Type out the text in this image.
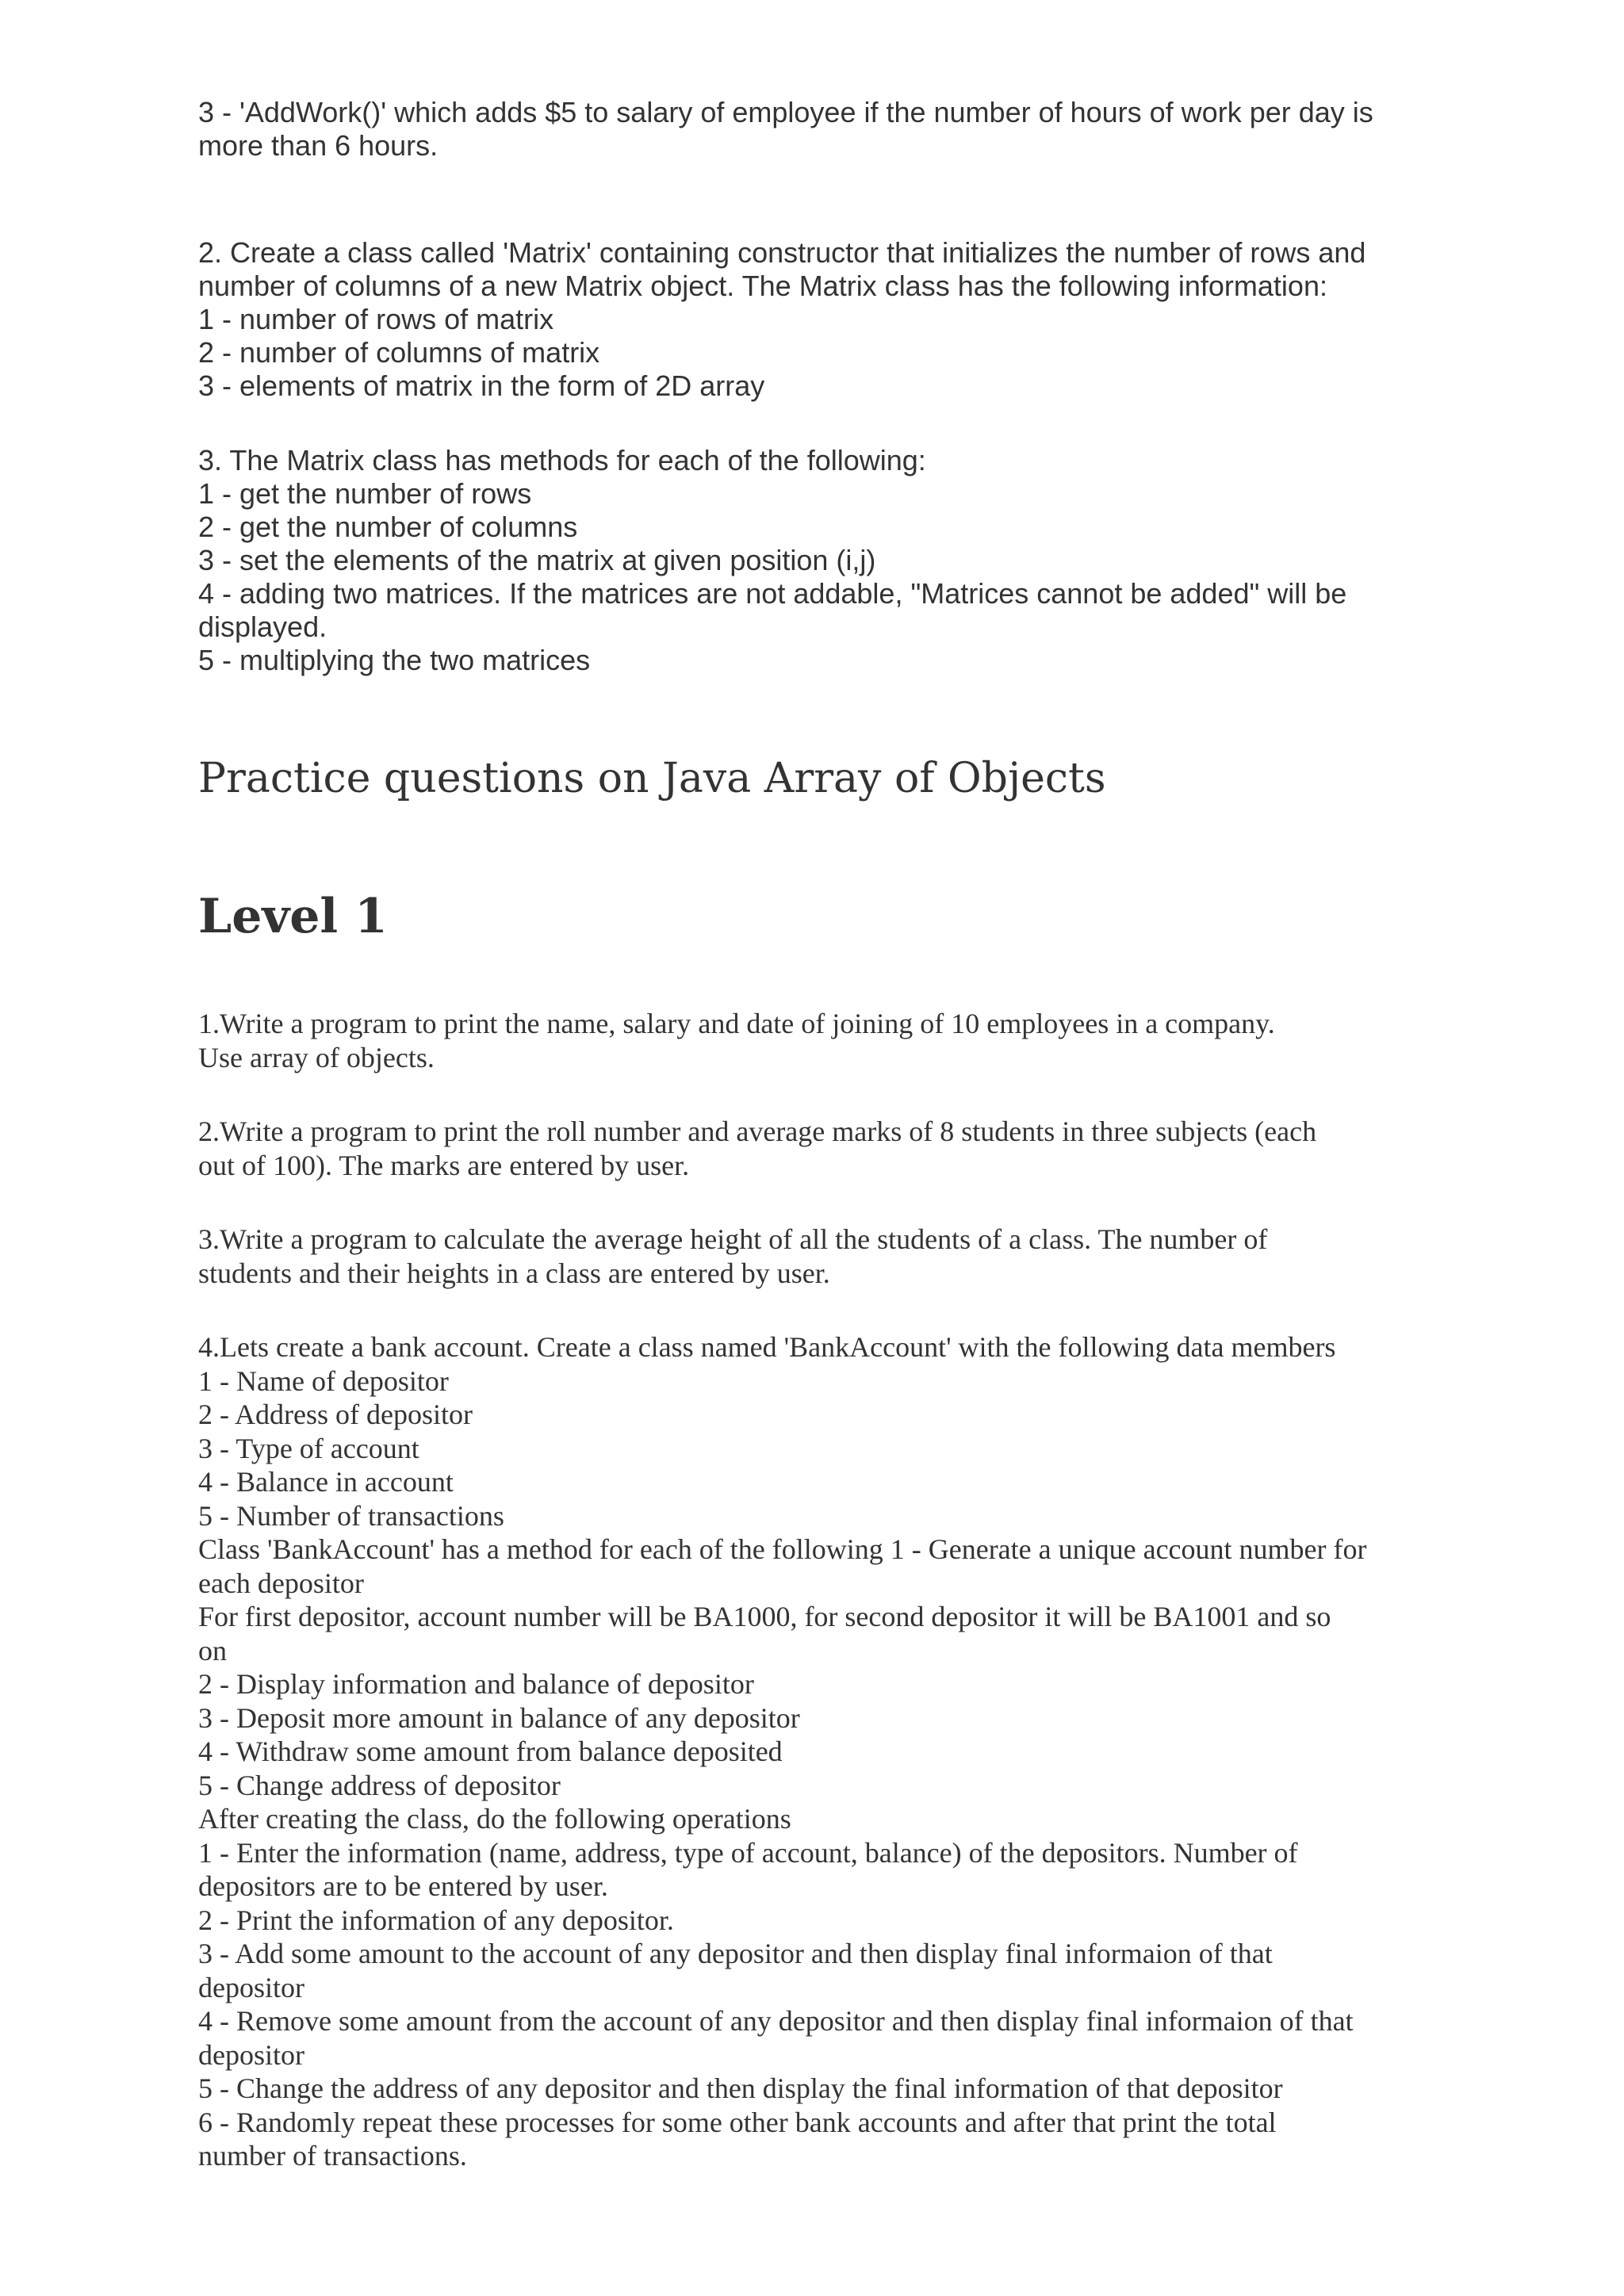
3 - 'AddWork()' which adds $5 to salary of employee if the number of hours of work per day is
more than 6 hours.
2. Create a class called 'Matrix' containing constructor that initializes the number of rows and
number of columns of a new Matrix object. The Matrix class has the following information:
1 - number of rows of matrix
2 - number of columns of matrix
3 - elements of matrix in the form of 2D array
3. The Matrix class has methods for each of the following:
1 - get the number of rows
2 - get the number of columns
3 - set the elements of the matrix at given position (i,j)
4 - adding two matrices. If the matrices are not addable, "Matrices cannot be added" will be
displayed.
5 - multiplying the two matrices
Practice questions on Java Array of Objects
Level 1
1.Write a program to print the name, salary and date of joining of 10 employees in a company.
Use array of objects.
2.Write a program to print the roll number and average marks of 8 students in three subjects (each
out of 100). The marks are entered by user.
3.Write a program to calculate the average height of all the students of a class. The number of
students and their heights in a class are entered by user.
4.Lets create a bank account. Create a class named 'BankAccount' with the following data members
1 - Name of depositor
2 - Address of depositor
3 - Type of account
4 - Balance in account
5 - Number of transactions
Class 'BankAccount' has a method for each of the following 1 - Generate a unique account number for
each depositor
For first depositor, account number will be BA1000, for second depositor it will be BA1001 and so
on
2 - Display information and balance of depositor
3 - Deposit more amount in balance of any depositor
4 - Withdraw some amount from balance deposited
5 - Change address of depositor
After creating the class, do the following operations
1 - Enter the information (name, address, type of account, balance) of the depositors. Number of
depositors are to be entered by user.
2 - Print the information of any depositor.
3 - Add some amount to the account of any depositor and then display final informaion of that
depositor
4 - Remove some amount from the account of any depositor and then display final informaion of that
depositor
5 - Change the address of any depositor and then display the final information of that depositor
6 - Randomly repeat these processes for some other bank accounts and after that print the total
number of transactions.
